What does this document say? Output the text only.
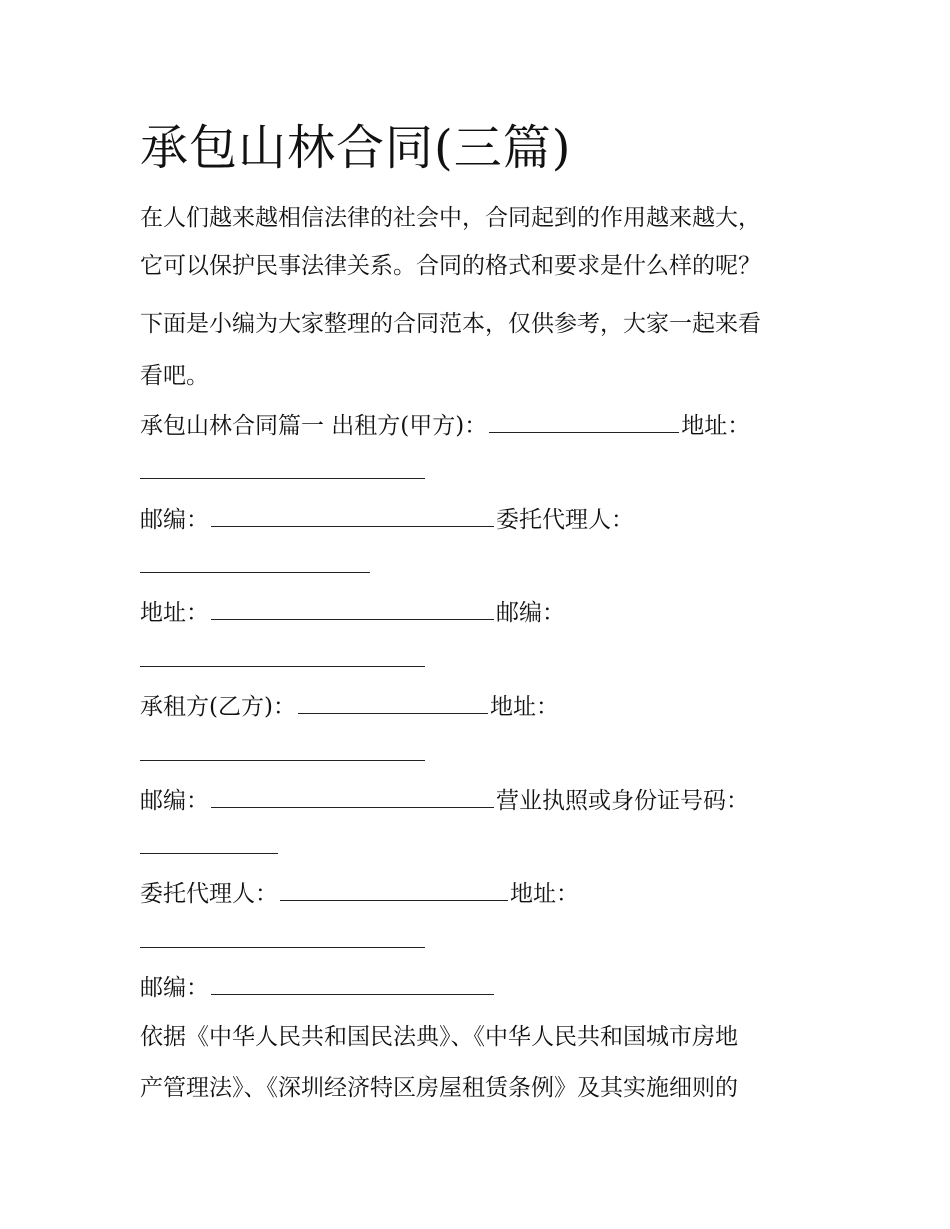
承包山林合同(三篇)
在人们越来越相信法律的社会中，合同起到的作用越来越大，
它可以保护民事法律关系。合同的格式和要求是什么样的呢？
下面是小编为大家整理的合同范本，仅供参考，大家一起来看
看吧。
承包山林合同篇一 出租方(甲方)：	地址：
邮编：	委托代理人：
地址：	邮编：
承租方(乙方)：	地址：
邮编：	营业执照或身份证号码：
委托代理人：	地址：
邮编：
依据《中华人民共和国民法典》、《中华人民共和国城市房地
产管理法》、《深圳经济特区房屋租赁条例》及其实施细则的
